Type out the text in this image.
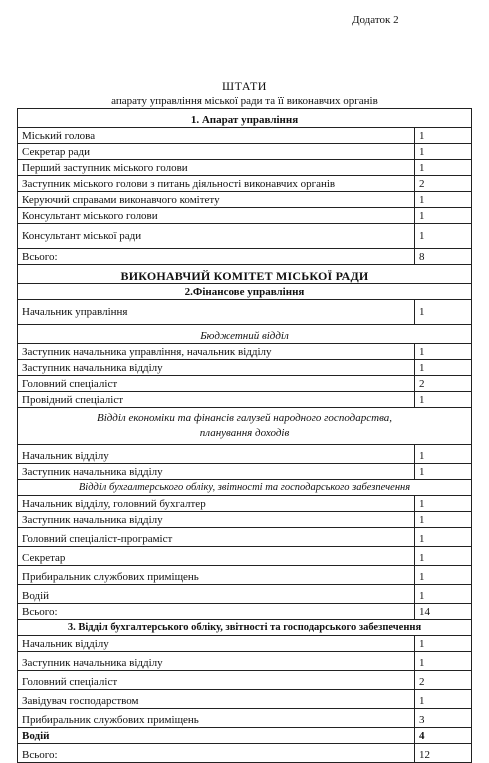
Додаток 2
ШТАТИ
апарату управління міської ради та її виконавчих органів
1. Апарат управління	
Міський голова	1
Секретар ради	1
Перший заступник міського голови	1
Заступник міського голови з питань діяльності виконавчих органів	2
Керуючий справами виконавчого комітету	1
Консультант міського голови	1
Консультант міської ради	1
Всього:	8
ВИКОНАВЧИЙ КОМІТЕТ МІСЬКОЇ РАДИ	
2.Фінансове управління	
Начальник управління	1
Бюджетний відділ	
Заступник начальника управління, начальник відділу	1
Заступник начальника відділу	1
Головний спеціаліст	2
Провідний спеціаліст	1
Відділ економіки та фінансів галузей народного господарства,
планування доходів	
Начальник відділу	1
Заступник начальника відділу	1
Відділ бухгалтерського обліку, звітності та господарського забезпечення	
Начальник відділу, головний бухгалтер	1
Заступник начальника відділу	1
Головний спеціаліст-програміст	1
Секретар	1
Прибиральник службових приміщень	1
Водій	1
Всього:	14
3. Відділ бухгалтерського обліку, звітності та господарського забезпечення	
Начальник відділу	1
Заступник начальника відділу	1
Головний спеціаліст	2
Завідувач господарством	1
Прибиральник службових приміщень	3
Водій	4
Всього:	12
